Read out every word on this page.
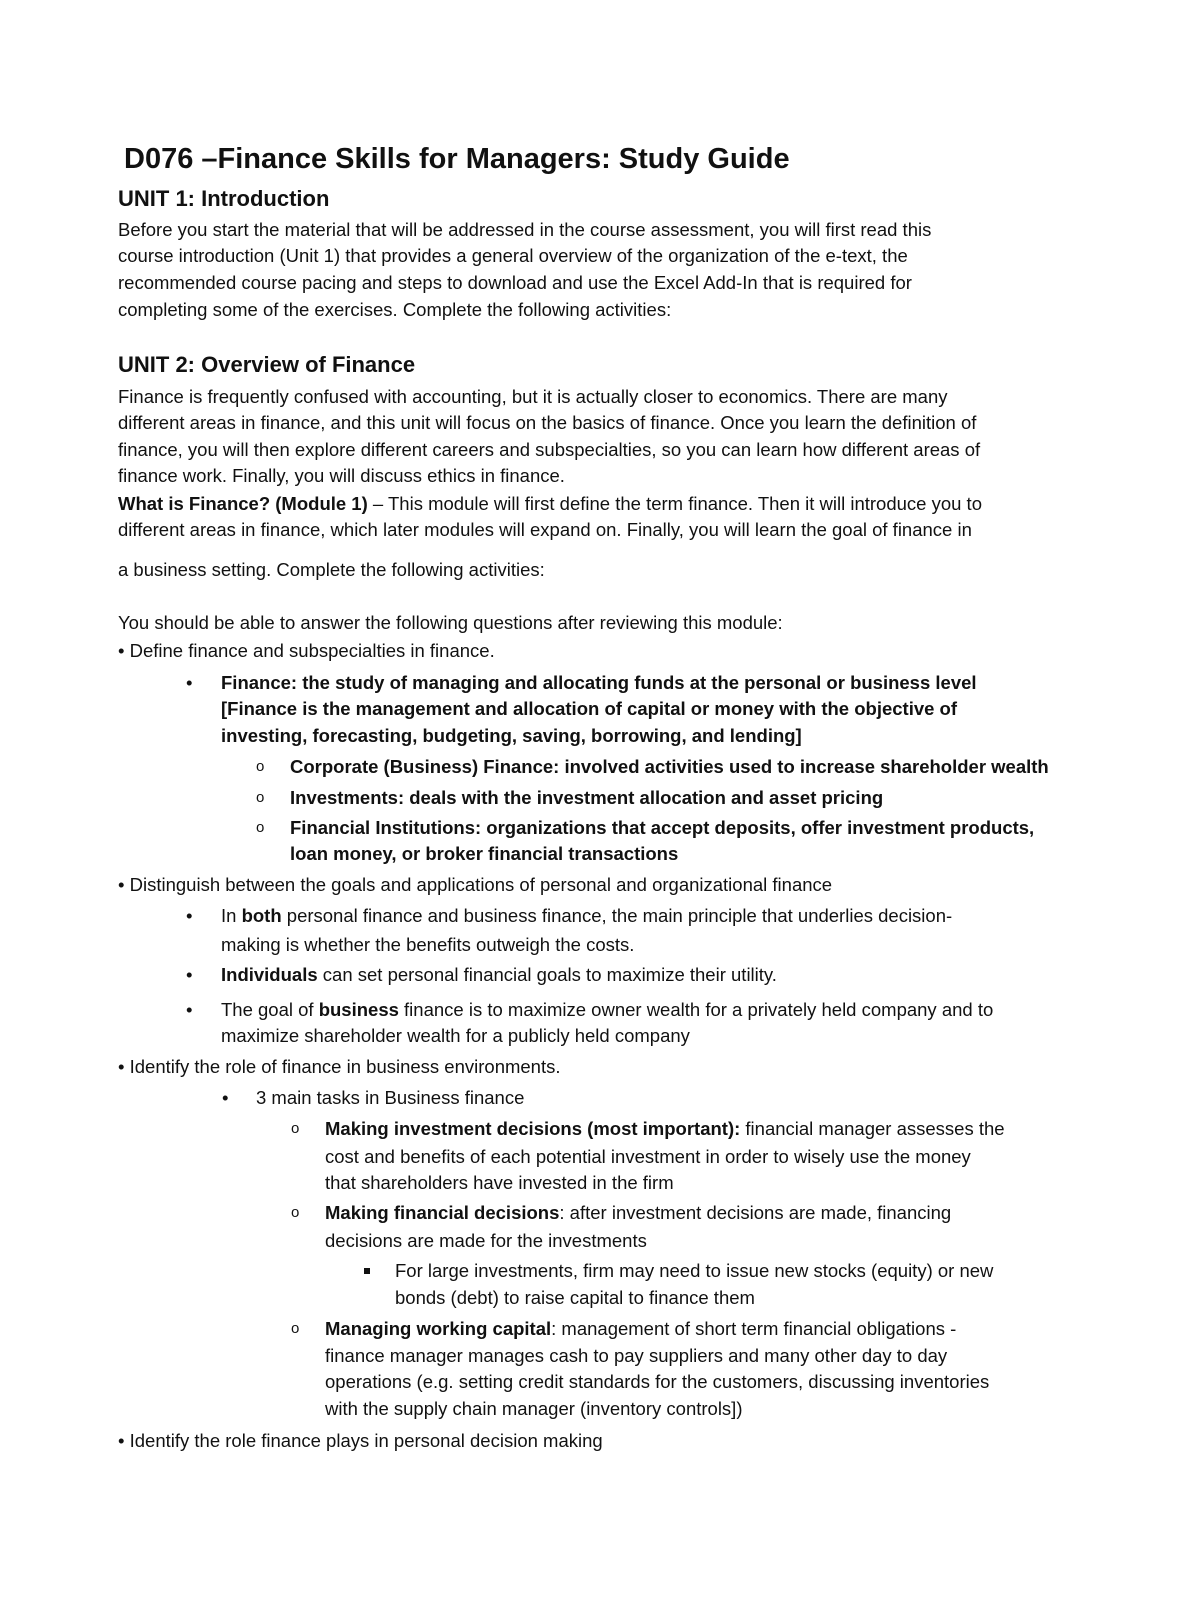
D076 –Finance Skills for Managers: Study Guide
UNIT 1: Introduction
Before you start the material that will be addressed in the course assessment, you will first read this
course introduction (Unit 1) that provides a general overview of the organization of the e-text, the
recommended course pacing and steps to download and use the Excel Add-In that is required for
completing some of the exercises. Complete the following activities:
UNIT 2: Overview of Finance
Finance is frequently confused with accounting, but it is actually closer to economics. There are many
different areas in finance, and this unit will focus on the basics of finance. Once you learn the definition of
finance, you will then explore different careers and subspecialties, so you can learn how different areas of
finance work. Finally, you will discuss ethics in finance.
What is Finance? (Module 1) – This module will first define the term finance. Then it will introduce you to
different areas in finance, which later modules will expand on. Finally, you will learn the goal of finance in
a business setting. Complete the following activities:
You should be able to answer the following questions after reviewing this module:
• Define finance and subspecialties in finance.
• Finance: the study of managing and allocating funds at the personal or business level
[Finance is the management and allocation of capital or money with the objective of
investing, forecasting, budgeting, saving, borrowing, and lending]
o Corporate (Business) Finance: involved activities used to increase shareholder wealth
o Investments: deals with the investment allocation and asset pricing
o Financial Institutions: organizations that accept deposits, offer investment products,
loan money, or broker financial transactions
• Distinguish between the goals and applications of personal and organizational finance
• In both personal finance and business finance, the main principle that underlies decision-
making is whether the benefits outweigh the costs.
• Individuals can set personal financial goals to maximize their utility.
• The goal of business finance is to maximize owner wealth for a privately held company and to
maximize shareholder wealth for a publicly held company
• Identify the role of finance in business environments.
• 3 main tasks in Business finance
o Making investment decisions (most important): financial manager assesses the
cost and benefits of each potential investment in order to wisely use the money
that shareholders have invested in the firm
o Making financial decisions: after investment decisions are made, financing
decisions are made for the investments
For large investments, firm may need to issue new stocks (equity) or new
bonds (debt) to raise capital to finance them
o Managing working capital: management of short term financial obligations -
finance manager manages cash to pay suppliers and many other day to day
operations (e.g. setting credit standards for the customers, discussing inventories
with the supply chain manager (inventory controls])
• Identify the role finance plays in personal decision making
